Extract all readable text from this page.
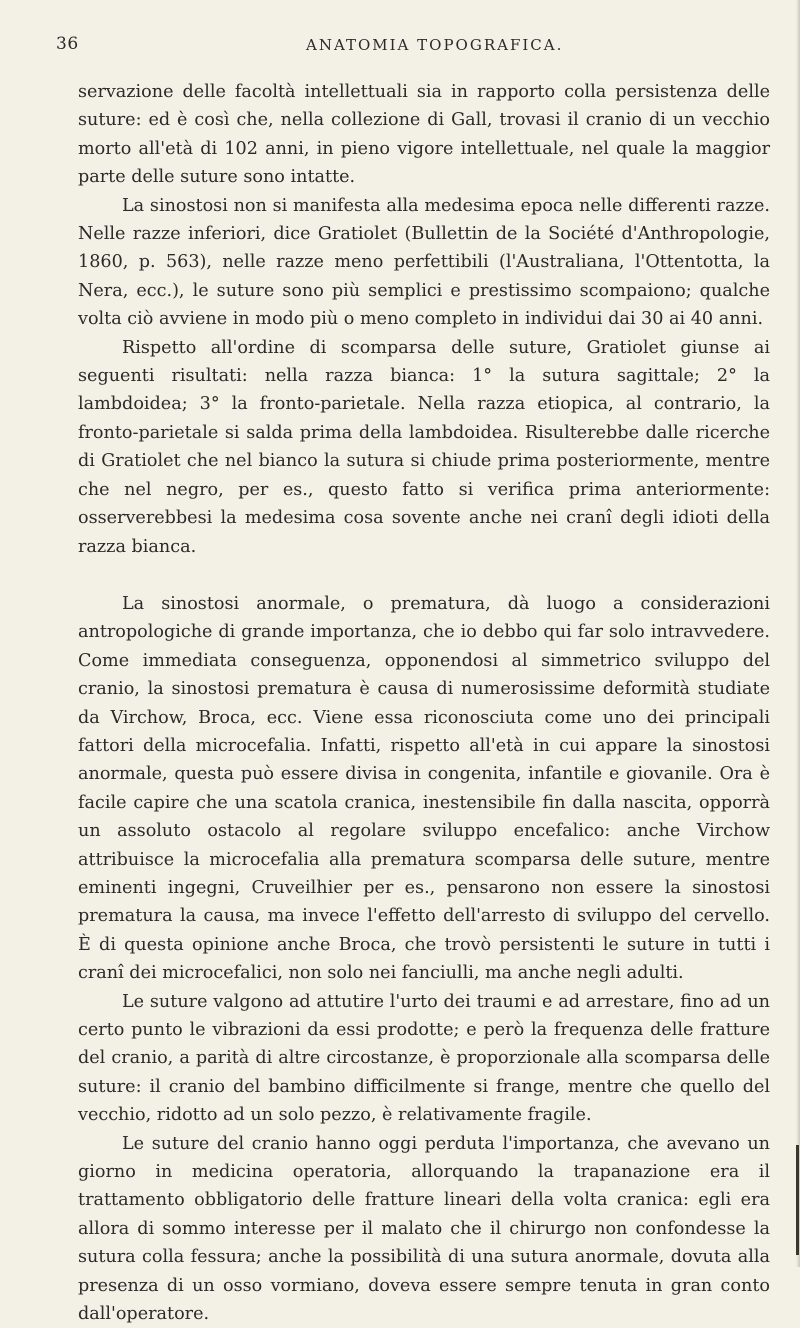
36	ANATOMIA TOPOGRAFICA.

servazione delle facoltà intellettuali sia in rapporto colla persistenza delle suture: ed è così che, nella collezione di Gall, trovasi il cranio di un vecchio morto all'età di 102 anni, in pieno vigore intellettuale, nel quale la maggior parte delle suture sono intatte.

La sinostosi non si manifesta alla medesima epoca nelle differenti razze. Nelle razze inferiori, dice Gratiolet (Bullettin de la Société d'Anthropologie, 1860, p. 563), nelle razze meno perfettibili (l'Australiana, l'Ottentotta, la Nera, ecc.), le suture sono più semplici e prestissimo scompaiono; qualche volta ciò avviene in modo più o meno completo in individui dai 30 ai 40 anni.

Rispetto all'ordine di scomparsa delle suture, Gratiolet giunse ai seguenti risultati: nella razza bianca: 1° la sutura sagittale; 2° la lambdoidea; 3° la fronto-parietale. Nella razza etiopica, al contrario, la fronto-parietale si salda prima della lambdoidea. Risulterebbe dalle ricerche di Gratiolet che nel bianco la sutura si chiude prima posteriormente, mentre che nel negro, per es., questo fatto si verifica prima anteriormente: osserverebbesi la medesima cosa sovente anche nei cranî degli idioti della razza bianca.

La sinostosi anormale, o prematura, dà luogo a considerazioni antropologiche di grande importanza, che io debbo qui far solo intravvedere. Come immediata conseguenza, opponendosi al simmetrico sviluppo del cranio, la sinostosi prematura è causa di numerosissime deformità studiate da Virchow, Broca, ecc. Viene essa riconosciuta come uno dei principali fattori della microcefalia. Infatti, rispetto all'età in cui appare la sinostosi anormale, questa può essere divisa in congenita, infantile e giovanile. Ora è facile capire che una scatola cranica, inestensibile fin dalla nascita, opporrà un assoluto ostacolo al regolare sviluppo encefalico: anche Virchow attribuisce la microcefalia alla prematura scomparsa delle suture, mentre eminenti ingegni, Cruveilhier per es., pensarono non essere la sinostosi prematura la causa, ma invece l'effetto dell'arresto di sviluppo del cervello. È di questa opinione anche Broca, che trovò persistenti le suture in tutti i cranî dei microcefalici, non solo nei fanciulli, ma anche negli adulti.

Le suture valgono ad attutire l'urto dei traumi e ad arrestare, fino ad un certo punto le vibrazioni da essi prodotte; e però la frequenza delle fratture del cranio, a parità di altre circostanze, è proporzionale alla scomparsa delle suture: il cranio del bambino difficilmente si frange, mentre che quello del vecchio, ridotto ad un solo pezzo, è relativamente fragile.

Le suture del cranio hanno oggi perduta l'importanza, che avevano un giorno in medicina operatoria, allorquando la trapanazione era il trattamento obbligatorio delle fratture lineari della volta cranica: egli era allora di sommo interesse per il malato che il chirurgo non confondesse la sutura colla fessura; anche la possibilità di una sutura anormale, dovuta alla presenza di un osso vormiano, doveva essere sempre tenuta in gran conto dall'operatore.
